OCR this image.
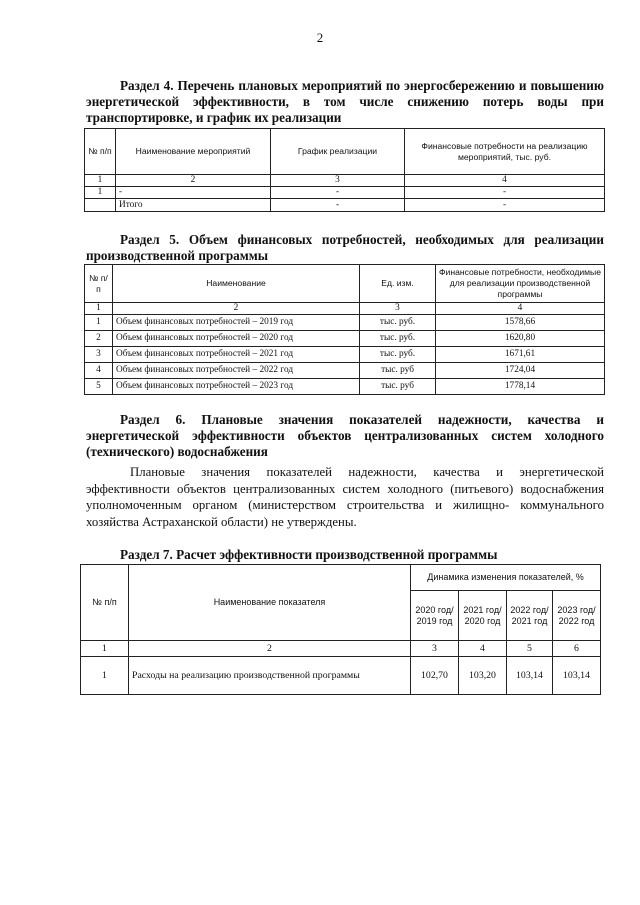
2
Раздел 4. Перечень плановых мероприятий по энергосбережению и повышению энергетической эффективности, в том числе снижению потерь воды при транспортировке, и график их реализации
№ п/п	Наименование мероприятий	График реализации	Финансовые потребности на реализацию мероприятий, тыс. руб.
1	2	3	4
1	-	-	-
	Итого	-	-
Раздел 5. Объем финансовых потребностей, необходимых для реализации производственной программы
№ п/п	Наименование	Ед. изм.	Финансовые потребности, необходимые для реализации производственной программы
1	2	3	4
1	Объем финансовых потребностей – 2019 год	тыс. руб.	1578,66
2	Объем финансовых потребностей – 2020 год	тыс. руб.	1620,80
3	Объем финансовых потребностей – 2021 год	тыс. руб.	1671,61
4	Объем финансовых потребностей – 2022 год	тыс. руб	1724,04
5	Объем финансовых потребностей – 2023 год	тыс. руб	1778,14
Раздел 6. Плановые значения показателей надежности, качества и энергетической эффективности объектов централизованных систем холодного (технического) водоснабжения
Плановые значения показателей надежности, качества и энергетической эффективности объектов централизованных систем холодного (питьевого) водоснабжения уполномоченным органом (министерством строительства и жилищно- коммунального хозяйства Астраханской области) не утверждены.
Раздел 7. Расчет эффективности производственной программы
№ п/п	Наименование показателя	Динамика изменения показателей, %			
		2020 год/ 2019 год	2021 год/ 2020 год	2022 год/ 2021 год	2023 год/ 2022 год
1	2	3	4	5	6
1	Расходы на реализацию производственной программы	102,70	103,20	103,14	103,14
